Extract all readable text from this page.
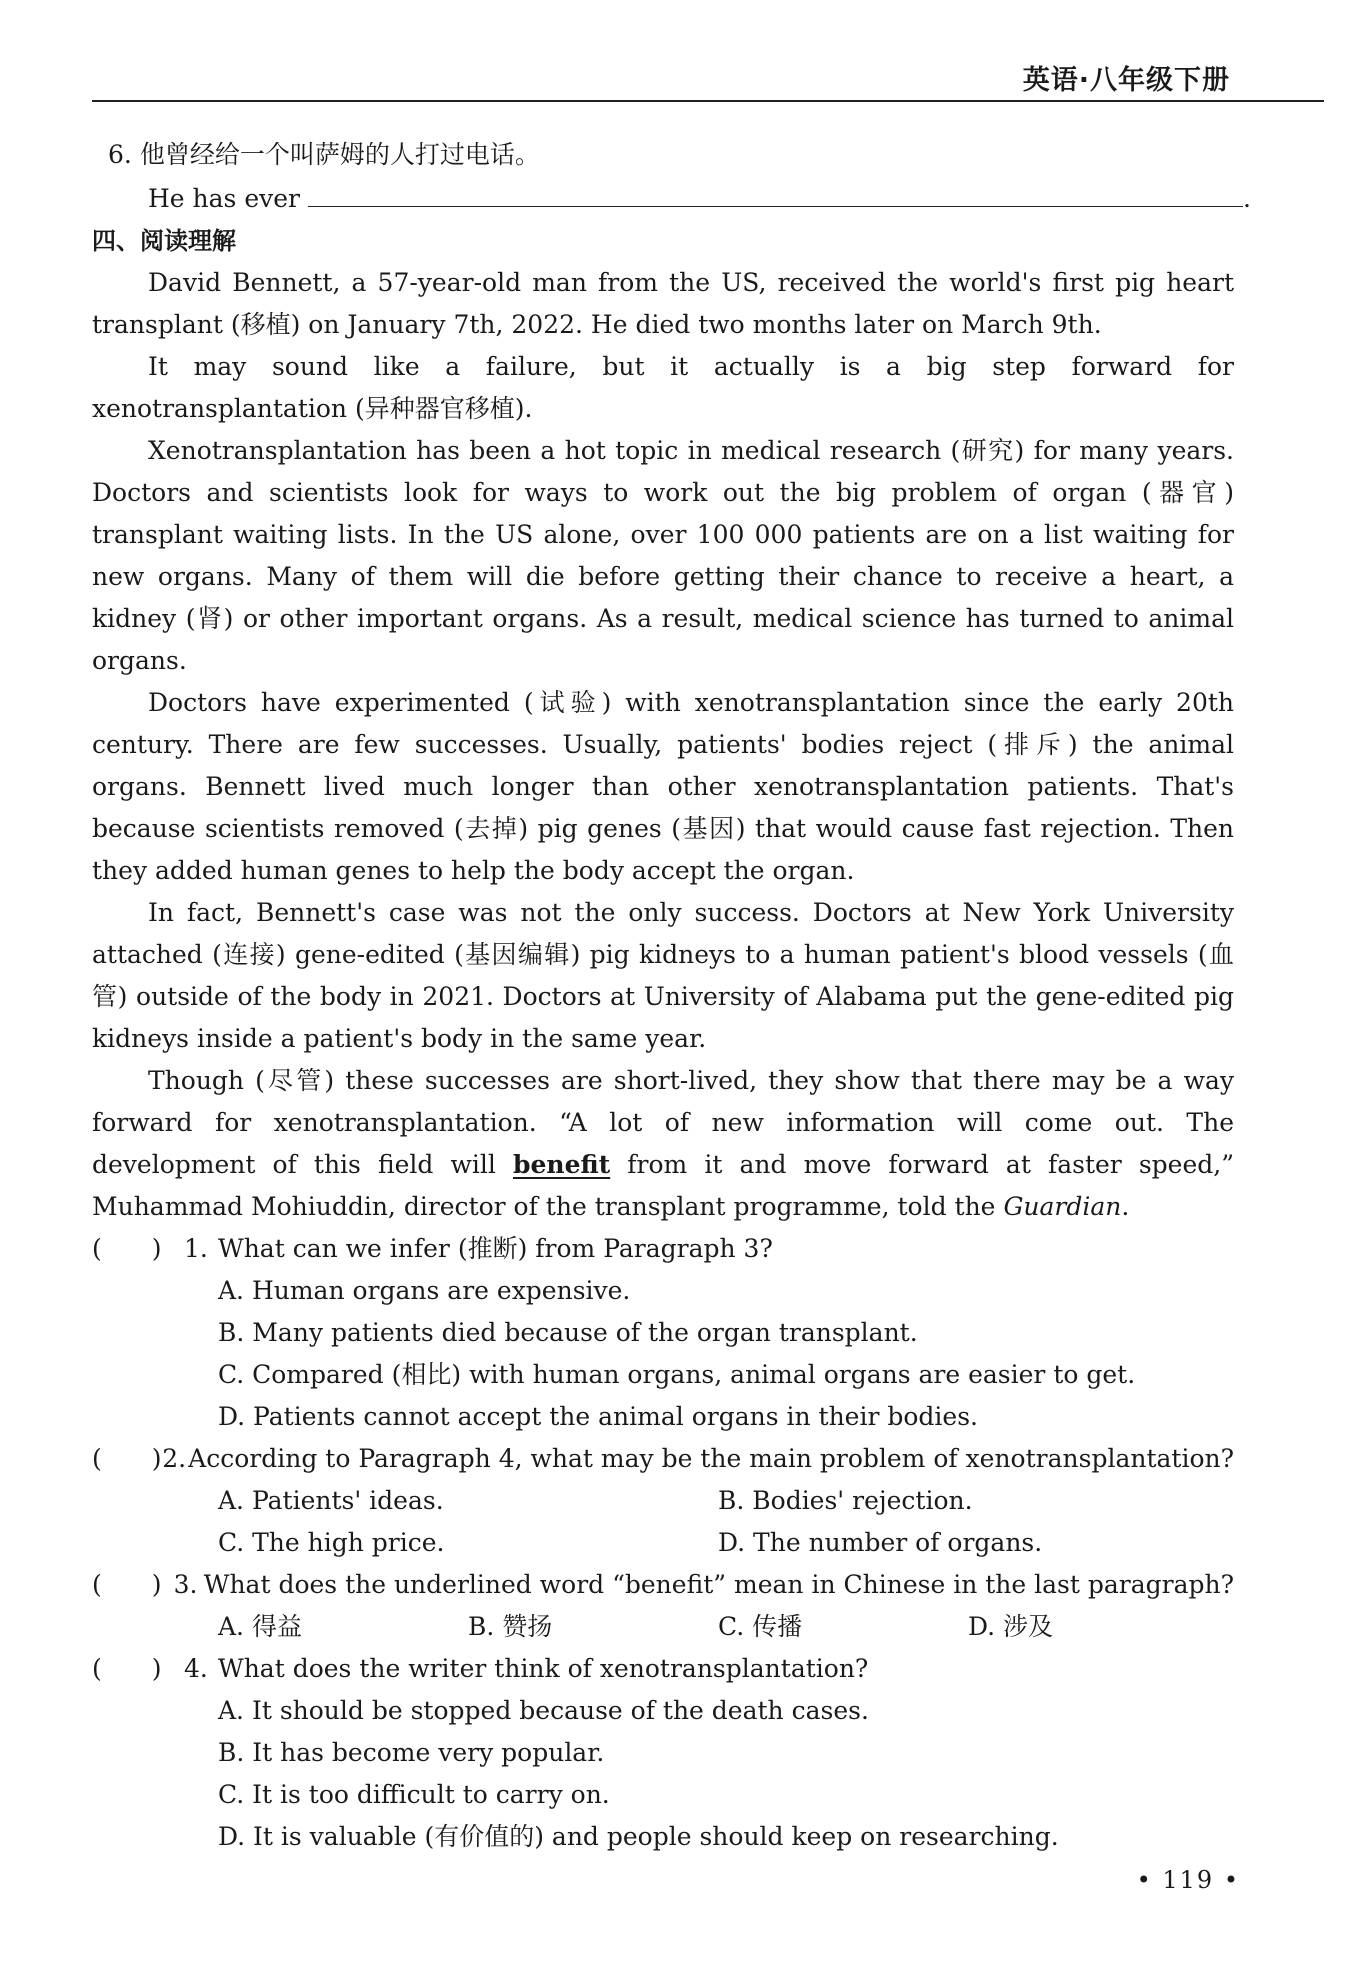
英语·八年级下册
6. 他曾经给一个叫萨姆的人打过电话。
He has ever	.
四、阅读理解

David Bennett, a 57-year-old man from the US, received the world's first pig heart transplant (移植) on January 7th, 2022. He died two months later on March 9th.

It may sound like a failure, but it actually is a big step forward for xenotransplantation (异种器官移植).

Xenotransplantation has been a hot topic in medical research (研究) for many years. Doctors and scientists look for ways to work out the big problem of organ (器官) transplant waiting lists. In the US alone, over 100 000 patients are on a list waiting for new organs. Many of them will die before getting their chance to receive a heart, a kidney (肾) or other important organs. As a result, medical science has turned to animal organs.

Doctors have experimented (试验) with xenotransplantation since the early 20th century. There are few successes. Usually, patients' bodies reject (排斥) the animal organs. Bennett lived much longer than other xenotransplantation patients. That's because scientists removed (去掉) pig genes (基因) that would cause fast rejection. Then they added human genes to help the body accept the organ.

In fact, Bennett's case was not the only success. Doctors at New York University attached (连接) gene-edited (基因编辑) pig kidneys to a human patient's blood vessels (血管) outside of the body in 2021. Doctors at University of Alabama put the gene-edited pig kidneys inside a patient's body in the same year.

Though (尽管) these successes are short-lived, they show that there may be a way forward for xenotransplantation. “A lot of new information will come out. The development of this field will benefit from it and move forward at faster speed,” Muhammad Mohiuddin, director of the transplant programme, told the Guardian.

(　　) 1. What can we infer (推断) from Paragraph 3?
A. Human organs are expensive.
B. Many patients died because of the organ transplant.
C. Compared (相比) with human organs, animal organs are easier to get.
D. Patients cannot accept the animal organs in their bodies.
(　　) 2. According to Paragraph 4, what may be the main problem of xenotransplantation?
A. Patients' ideas.	B. Bodies' rejection.
C. The high price.	D. The number of organs.
(　　) 3. What does the underlined word “benefit” mean in Chinese in the last paragraph?
A. 得益	B. 赞扬	C. 传播	D. 涉及
(　　) 4. What does the writer think of xenotransplantation?
A. It should be stopped because of the death cases.
B. It has become very popular.
C. It is too difficult to carry on.
D. It is valuable (有价值的) and people should keep on researching.
• 119 •
